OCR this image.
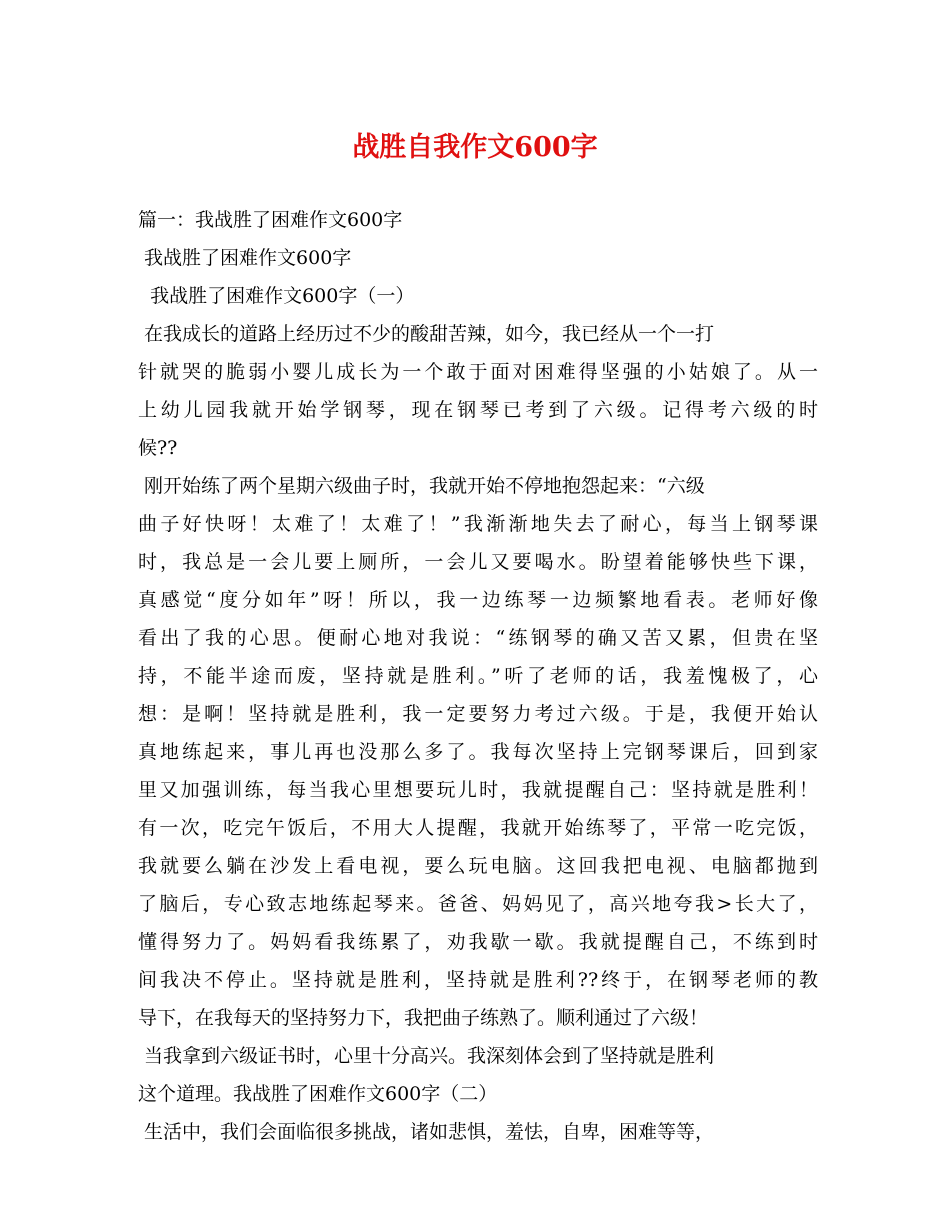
战胜自我作文600字
篇一：我战胜了困难作文600字
我战胜了困难作文600字
我战胜了困难作文600字（一）
在我成长的道路上经历过不少的酸甜苦辣，如今，我已经从一个一打
针就哭的脆弱小婴儿成长为一个敢于面对困难得坚强的小姑娘了。从一
上幼儿园我就开始学钢琴，现在钢琴已考到了六级。记得考六级的时
候??
刚开始练了两个星期六级曲子时，我就开始不停地抱怨起来：“六级
曲子好快呀！太难了！太难了！”我渐渐地失去了耐心，每当上钢琴课
时，我总是一会儿要上厕所，一会儿又要喝水。盼望着能够快些下课，
真感觉“度分如年”呀！所以，我一边练琴一边频繁地看表。老师好像
看出了我的心思。便耐心地对我说：“练钢琴的确又苦又累，但贵在坚
持，不能半途而废，坚持就是胜利。”听了老师的话，我羞愧极了，心
想：是啊！坚持就是胜利，我一定要努力考过六级。于是，我便开始认
真地练起来，事儿再也没那么多了。我每次坚持上完钢琴课后，回到家
里又加强训练，每当我心里想要玩儿时，我就提醒自己：坚持就是胜利！
有一次，吃完午饭后，不用大人提醒，我就开始练琴了，平常一吃完饭，
我就要么躺在沙发上看电视，要么玩电脑。这回我把电视、电脑都抛到
了脑后，专心致志地练起琴来。爸爸、妈妈见了，高兴地夸我>长大了，
懂得努力了。妈妈看我练累了，劝我歇一歇。我就提醒自己，不练到时
间我决不停止。坚持就是胜利，坚持就是胜利??终于，在钢琴老师的教
导下，在我每天的坚持努力下，我把曲子练熟了。顺利通过了六级！
当我拿到六级证书时，心里十分高兴。我深刻体会到了坚持就是胜利
这个道理。我战胜了困难作文600字（二）
生活中，我们会面临很多挑战，诸如悲惧，羞怯，自卑，困难等等，
